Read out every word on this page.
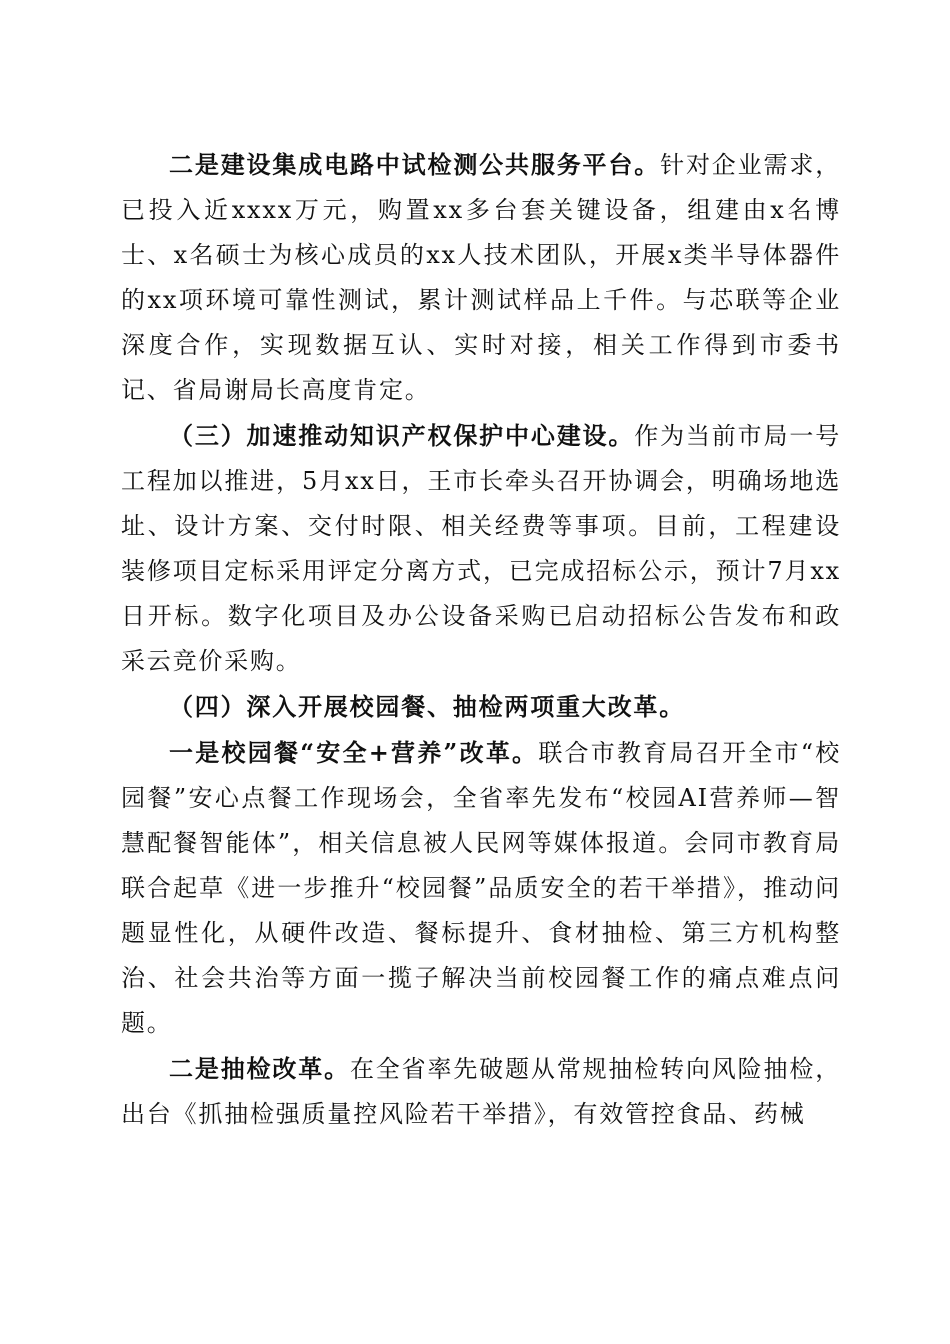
二是建设集成电路中试检测公共服务平台。针对企业需求，已投入近xxxx万元，购置xx多台套关键设备，组建由x名博士、x名硕士为核心成员的xx人技术团队，开展x类半导体器件的xx项环境可靠性测试，累计测试样品上千件。与芯联等企业深度合作，实现数据互认、实时对接，相关工作得到市委书记、省局谢局长高度肯定。

（三）加速推动知识产权保护中心建设。作为当前市局一号工程加以推进，5月xx日，王市长牵头召开协调会，明确场地选址、设计方案、交付时限、相关经费等事项。目前，工程建设装修项目定标采用评定分离方式，已完成招标公示，预计7月xx日开标。数字化项目及办公设备采购已启动招标公告发布和政采云竞价采购。

（四）深入开展校园餐、抽检两项重大改革。

一是校园餐“安全+营养”改革。联合市教育局召开全市“校园餐”安心点餐工作现场会，全省率先发布“校园AI营养师—智慧配餐智能体”，相关信息被人民网等媒体报道。会同市教育局联合起草《进一步推升“校园餐”品质安全的若干举措》，推动问题显性化，从硬件改造、餐标提升、食材抽检、第三方机构整治、社会共治等方面一揽子解决当前校园餐工作的痛点难点问题。

二是抽检改革。在全省率先破题从常规抽检转向风险抽检，出台《抓抽检强质量控风险若干举措》，有效管控食品、药械
